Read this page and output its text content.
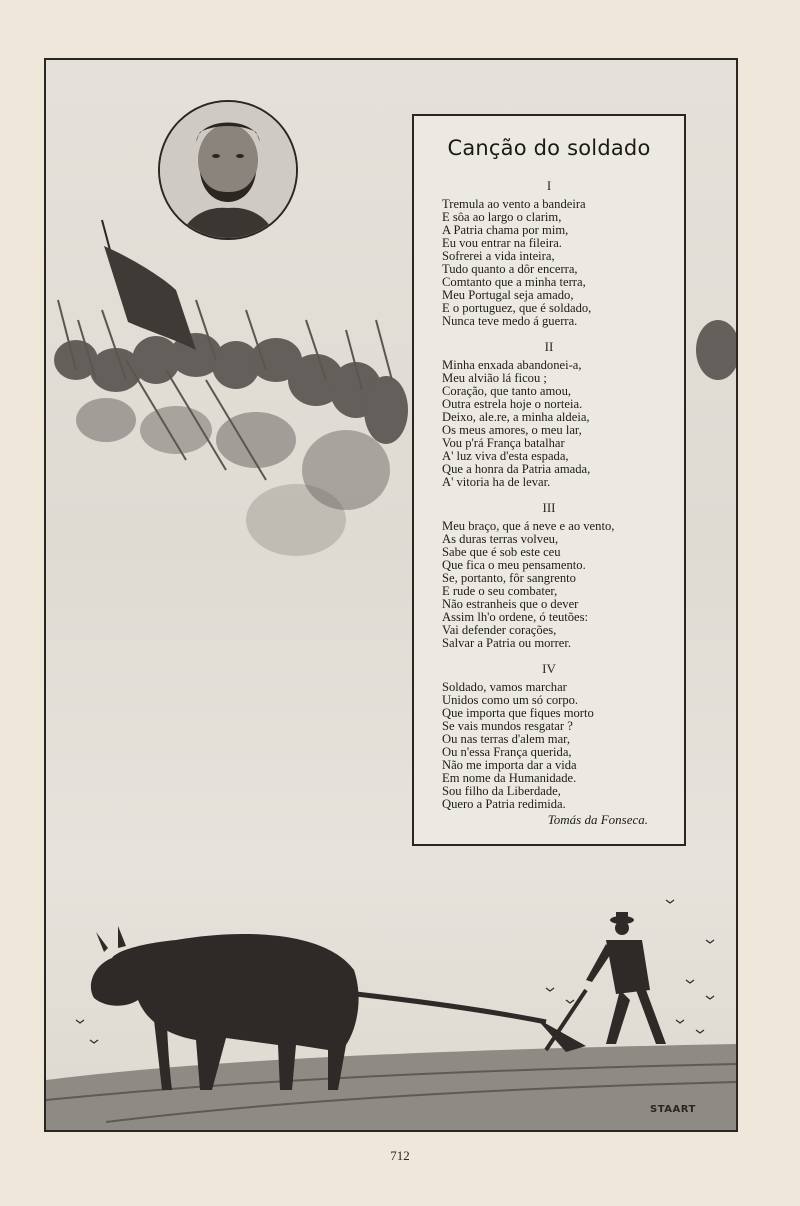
Canção do soldado
I
Tremula ao vento a bandeira
E sôa ao largo o clarim,
A Patria chama por mim,
Eu vou entrar na fileira.
Sofrerei a vida inteira,
Tudo quanto a dôr encerra,
Comtanto que a minha terra,
Meu Portugal seja amado,
E o portuguez, que é soldado,
Nunca teve medo á guerra.
II
Minha enxada abandonei-a,
Meu alvião lá ficou ;
Coração, que tanto amou,
Outra estrela hoje o norteia.
Deixo, ale.re, a minha aldeia,
Os meus amores, o meu lar,
Vou p'rá França batalhar
A' luz viva d'esta espada,
Que a honra da Patria amada,
A' vitoria ha de levar.
III
Meu braço, que á neve e ao vento,
As duras terras volveu,
Sabe que é sob este ceu
Que fica o meu pensamento.
Se, portanto, fôr sangrento
E rude o seu combater,
Não estranheis que o dever
Assim lh'o ordene, ó teutões:
Vai defender corações,
Salvar a Patria ou morrer.
IV
Soldado, vamos marchar
Unidos como um só corpo.
Que importa que fiques morto
Se vais mundos resgatar ?
Ou nas terras d'alem mar,
Ou n'essa França querida,
Não me importa dar a vida
Em nome da Humanidade.
Sou filho da Liberdade,
Quero a Patria redimida.
Tomás da Fonseca.
STAART
712
